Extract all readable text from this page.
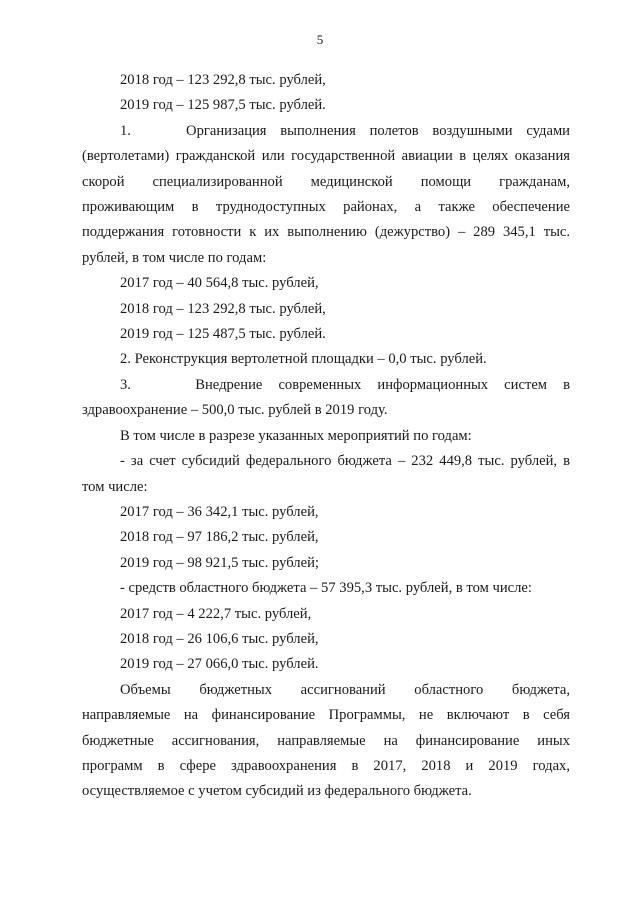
5

2018 год – 123 292,8 тыс. рублей,

2019 год – 125 987,5 тыс. рублей.

1.    Организация выполнения полетов воздушными судами

(вертолетами) гражданской или государственной авиации в целях оказания

скорой специализированной медицинской помощи гражданам,

проживающим в труднодоступных районах, а также обеспечение

поддержания готовности к их выполнению (дежурство) – 289 345,1 тыс.

рублей, в том числе по годам:

2017 год – 40 564,8 тыс. рублей,

2018 год – 123 292,8 тыс. рублей,

2019 год – 125 487,5 тыс. рублей.

2. Реконструкция вертолетной площадки – 0,0 тыс. рублей.

3.    Внедрение современных информационных систем в

здравоохранение – 500,0 тыс. рублей в 2019 году.

В том числе в разрезе указанных мероприятий по годам:

- за счет субсидий федерального бюджета – 232 449,8 тыс. рублей, в

том числе:

2017 год – 36 342,1 тыс. рублей,

2018 год – 97 186,2 тыс. рублей,

2019 год – 98 921,5 тыс. рублей;

- средств областного бюджета – 57 395,3 тыс. рублей, в том числе:

2017 год – 4 222,7 тыс. рублей,

2018 год – 26 106,6 тыс. рублей,

2019 год – 27 066,0 тыс. рублей.

Объемы бюджетных ассигнований областного бюджета,

направляемые на финансирование Программы, не включают в себя

бюджетные ассигнования, направляемые на финансирование иных

программ в сфере здравоохранения в 2017, 2018 и 2019 годах,

осуществляемое с учетом субсидий из федерального бюджета.
